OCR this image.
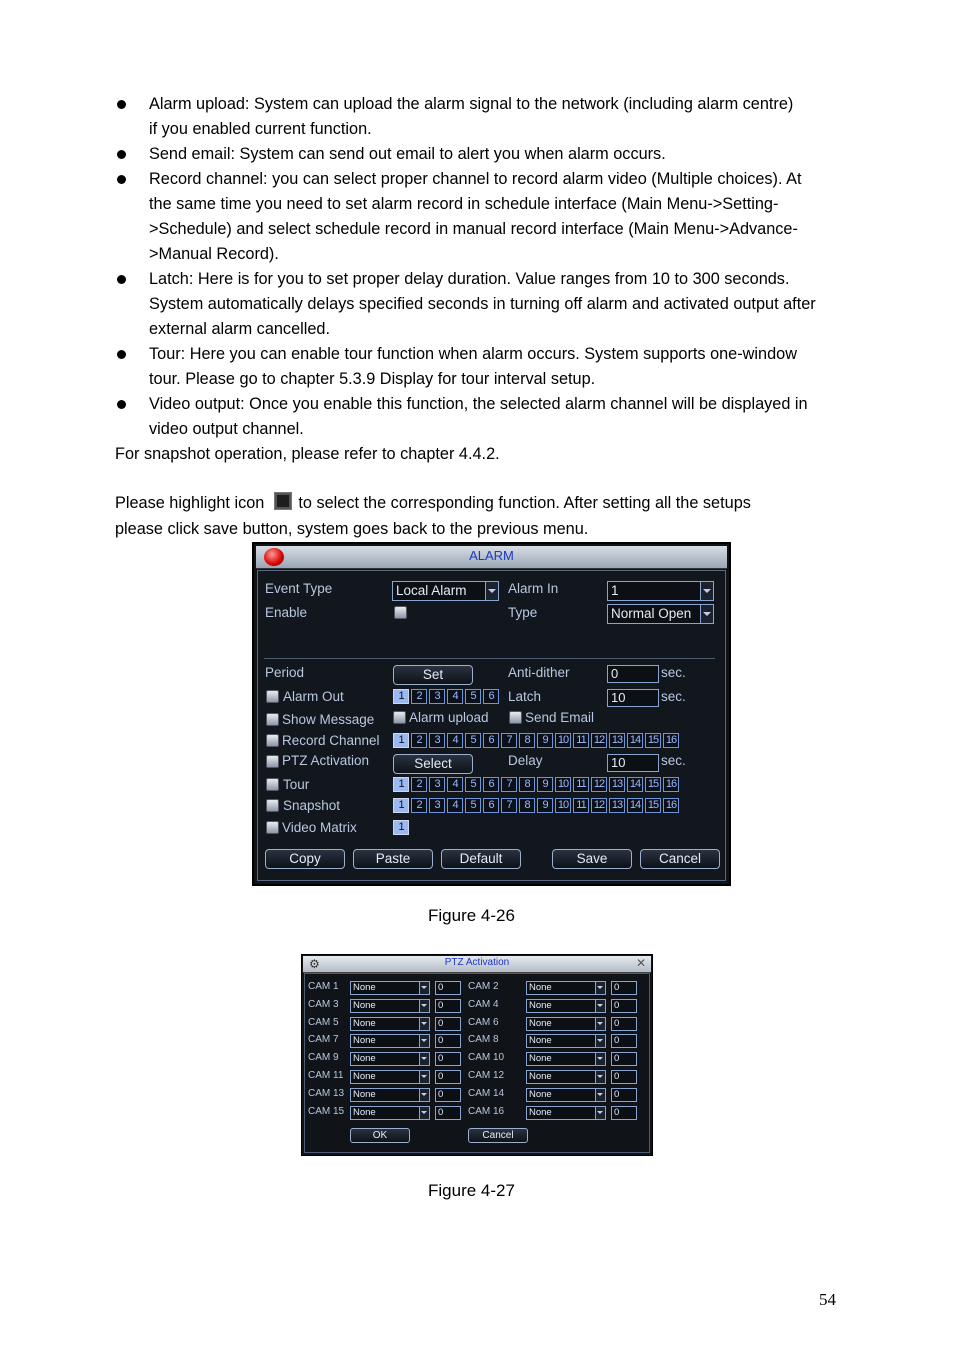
Alarm upload: System can upload the alarm signal to the network (including alarm centre)
if you enabled current function.
Send email: System can send out email to alert you when alarm occurs.
Record channel: you can select proper channel to record alarm video (Multiple choices). At
the same time you need to set alarm record in schedule interface (Main Menu->Setting-
>Schedule) and select schedule record in manual record interface (Main Menu->Advance-
>Manual Record).
Latch: Here is for you to set proper delay duration. Value ranges from 10 to 300 seconds.
System automatically delays specified seconds in turning off alarm and activated output after
external alarm cancelled.
Tour: Here you can enable tour function when alarm occurs. System supports one-window
tour. Please go to chapter 5.3.9 Display for tour interval setup.
Video output: Once you enable this function, the selected alarm channel will be displayed in
video output channel.
For snapshot operation, please refer to chapter 4.4.2.
Please highlight icon to select the corresponding function. After setting all the setups
please click save button, system goes back to the previous menu.
ALARM
Event Type	Local Alarm	Alarm In	1
Enable	Type	Normal Open
Period	Set	Anti-dither	0	sec.
Alarm Out	1	2	3	4	5	6	Latch	10	sec.
Show Message	Alarm upload	Send Email
Record Channel	1	2	3	4	5	6	7	8	9 10 11 12 13 14 15 16
PTZ Activation	Select	Delay	10	sec.
Tour	1	2	3	4	5	6	7	8	9 10 11 12 13 14 15 16
Snapshot	1	2	3	4	5	6	7	8	9 10 11 12 13 14 15 16
Video Matrix	1
Copy	Paste	Default	Save	Cancel
Figure 4-26
⚙	PTZ Activation	✕
CAM 1	None	0	CAM 2	None	0
CAM 3	None	0	CAM 4	None	0
CAM 5	None	0	CAM 6	None	0
CAM 7	None	0	CAM 8	None	0
CAM 9	None	0	CAM 10	None	0
CAM 11	None	0	CAM 12	None	0
CAM 13 None	0	CAM 14	None	0
CAM 15 None	0	CAM 16	None	0
OK	Cancel
Figure 4-27
54
